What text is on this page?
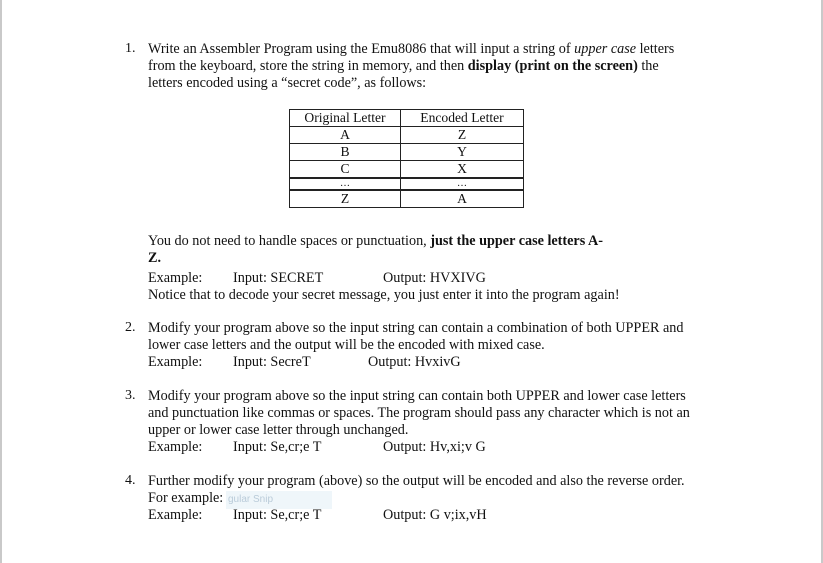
1. Write an Assembler Program using the Emu8086 that will input a string of upper case letters
from the keyboard, store the string in memory, and then display (print on the screen) the
letters encoded using a “secret code”, as follows:
Original Letter	Encoded Letter
A	Z
B	Y
C	X
…	…
Z	A
You do not need to handle spaces or punctuation, just the upper case letters A-
Z.
Example: Input: SECRET	Output: HVXIVG
Notice that to decode your secret message, you just enter it into the program again!
2. Modify your program above so the input string can contain a combination of both UPPER and
lower case letters and the output will be the encoded with mixed case.
Example: Input: SecreT	Output: HvxivG
3. Modify your program above so the input string can contain both UPPER and lower case letters
and punctuation like commas or spaces. The program should pass any character which is not an
upper or lower case letter through unchanged.
Example: Input: Se,cr;e T	Output: Hv,xi;v G
4. Further modify your program (above) so the output will be encoded and also the reverse order.
gular Snip
For example:
Example: Input: Se,cr;e T	Output: G v;ix,vH
